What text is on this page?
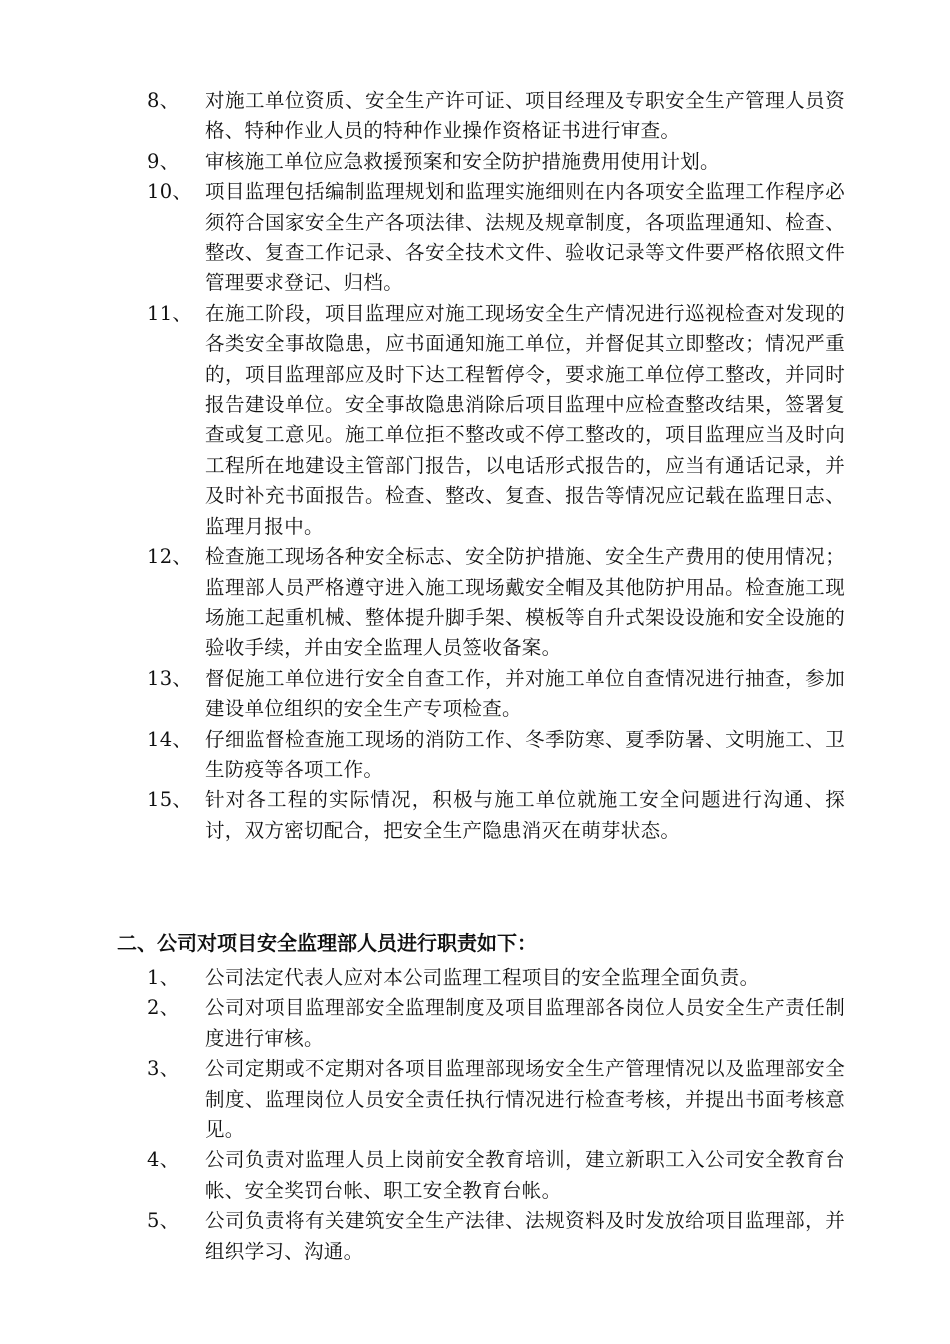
8、	对施工单位资质、安全生产许可证、项目经理及专职安全生产管理人员资格、特种作业人员的特种作业操作资格证书进行审查。
9、	审核施工单位应急救援预案和安全防护措施费用使用计划。
10、 项目监理包括编制监理规划和监理实施细则在内各项安全监理工作程序必须符合国家安全生产各项法律、法规及规章制度，各项监理通知、检查、整改、复查工作记录、各安全技术文件、验收记录等文件要严格依照文件管理要求登记、归档。
11、 在施工阶段，项目监理应对施工现场安全生产情况进行巡视检查对发现的各类安全事故隐患，应书面通知施工单位，并督促其立即整改；情况严重的，项目监理部应及时下达工程暂停令，要求施工单位停工整改，并同时报告建设单位。安全事故隐患消除后项目监理中应检查整改结果，签署复查或复工意见。施工单位拒不整改或不停工整改的，项目监理应当及时向工程所在地建设主管部门报告，以电话形式报告的，应当有通话记录，并及时补充书面报告。检查、整改、复查、报告等情况应记载在监理日志、监理月报中。
12、 检查施工现场各种安全标志、安全防护措施、安全生产费用的使用情况；监理部人员严格遵守进入施工现场戴安全帽及其他防护用品。检查施工现场施工起重机械、整体提升脚手架、模板等自升式架设设施和安全设施的验收手续，并由安全监理人员签收备案。
13、 督促施工单位进行安全自查工作，并对施工单位自查情况进行抽查，参加建设单位组织的安全生产专项检查。
14、 仔细监督检查施工现场的消防工作、冬季防寒、夏季防暑、文明施工、卫生防疫等各项工作。
15、 针对各工程的实际情况，积极与施工单位就施工安全问题进行沟通、探讨，双方密切配合，把安全生产隐患消灭在萌芽状态。
二、公司对项目安全监理部人员进行职责如下：
1、	公司法定代表人应对本公司监理工程项目的安全监理全面负责。
2、	公司对项目监理部安全监理制度及项目监理部各岗位人员安全生产责任制度进行审核。
3、	公司定期或不定期对各项目监理部现场安全生产管理情况以及监理部安全制度、监理岗位人员安全责任执行情况进行检查考核，并提出书面考核意见。
4、	公司负责对监理人员上岗前安全教育培训，建立新职工入公司安全教育台帐、安全奖罚台帐、职工安全教育台帐。
5、	公司负责将有关建筑安全生产法律、法规资料及时发放给项目监理部，并组织学习、沟通。
